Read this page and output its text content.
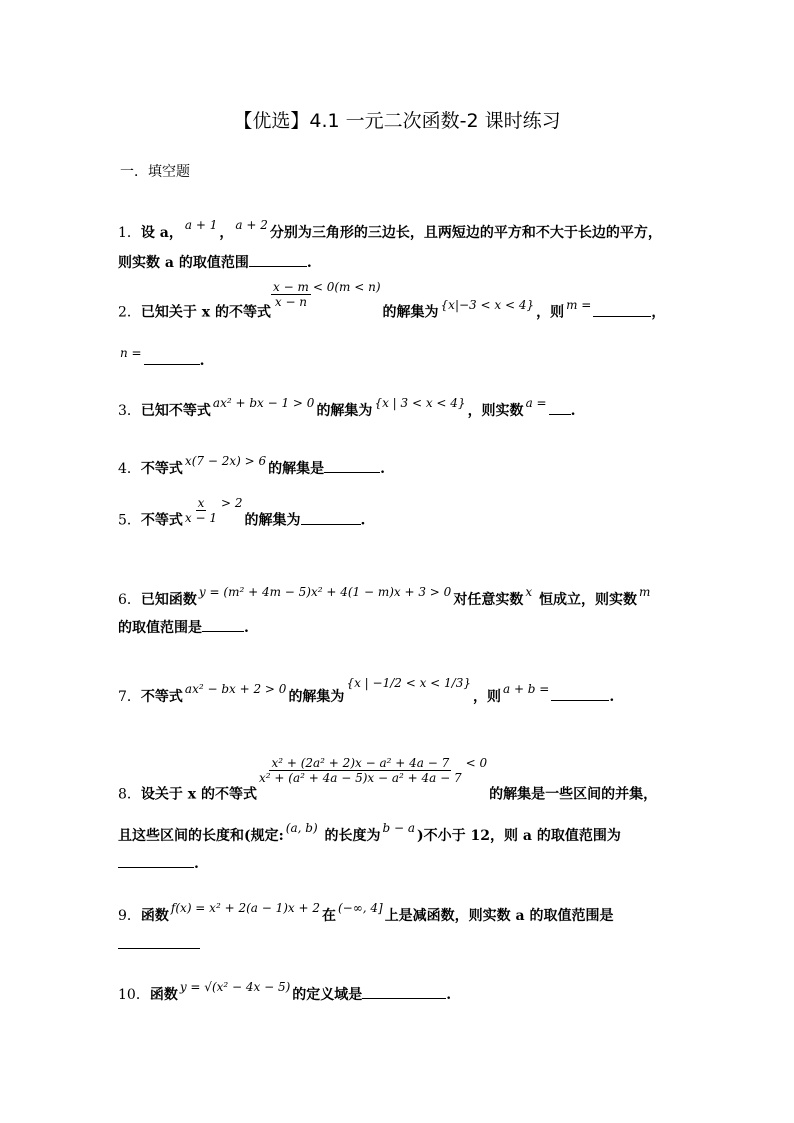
【优选】4.1 一元二次函数-2 课时练习
一．填空题
1．设 a， a + 1 ， a + 2 分别为三角形的三边长，且两短边的平方和不大于长边的平方，
则实数 a 的取值范围	.
2．已知关于 x 的不等式
$\frac{x - m}{x - n} < 0(m < n)$的解集为 {x|−3 < x < 4} ，则 m =	，
n =	.
3．已知不等式 ax² + bx − 1 > 0 的解集为 {x | 3 < x < 4} ，则实数 a = .
4．不等式 x(7 − 2x) > 6 的解集是	.
5．不等式 $\frac{x}{x - 1} > 2$的解集为	.
6．已知函数 y = (m² + 4m − 5)x² + 4(1 − m)x + 3 > 0 对任意实数 x 恒成立，则实数 m
的取值范围是	.
7．不等式 ax² − bx + 2 > 0 的解集为{x | −1/2 < x < 1/3}，则 a + b =	.
8．设关于 x 的不等式
$\frac{\text{x² + (2a² + 2)x − a² + 4a − 7}}{\text{x² + (a² + 4a − 5)x − a² + 4a − 7}} < 0$的解集是一些区间的并集，
且这些区间的长度和(规定: (a, b) 的长度为 b − a )不小于 12，则 a 的取值范围为
.
9．函数 f(x) = x² + 2(a − 1)x + 2 在 (−∞, 4] 上是减函数，则实数 a 的取值范围是
10．函数 y = √(x² − 4x − 5) 的定义域是	.
